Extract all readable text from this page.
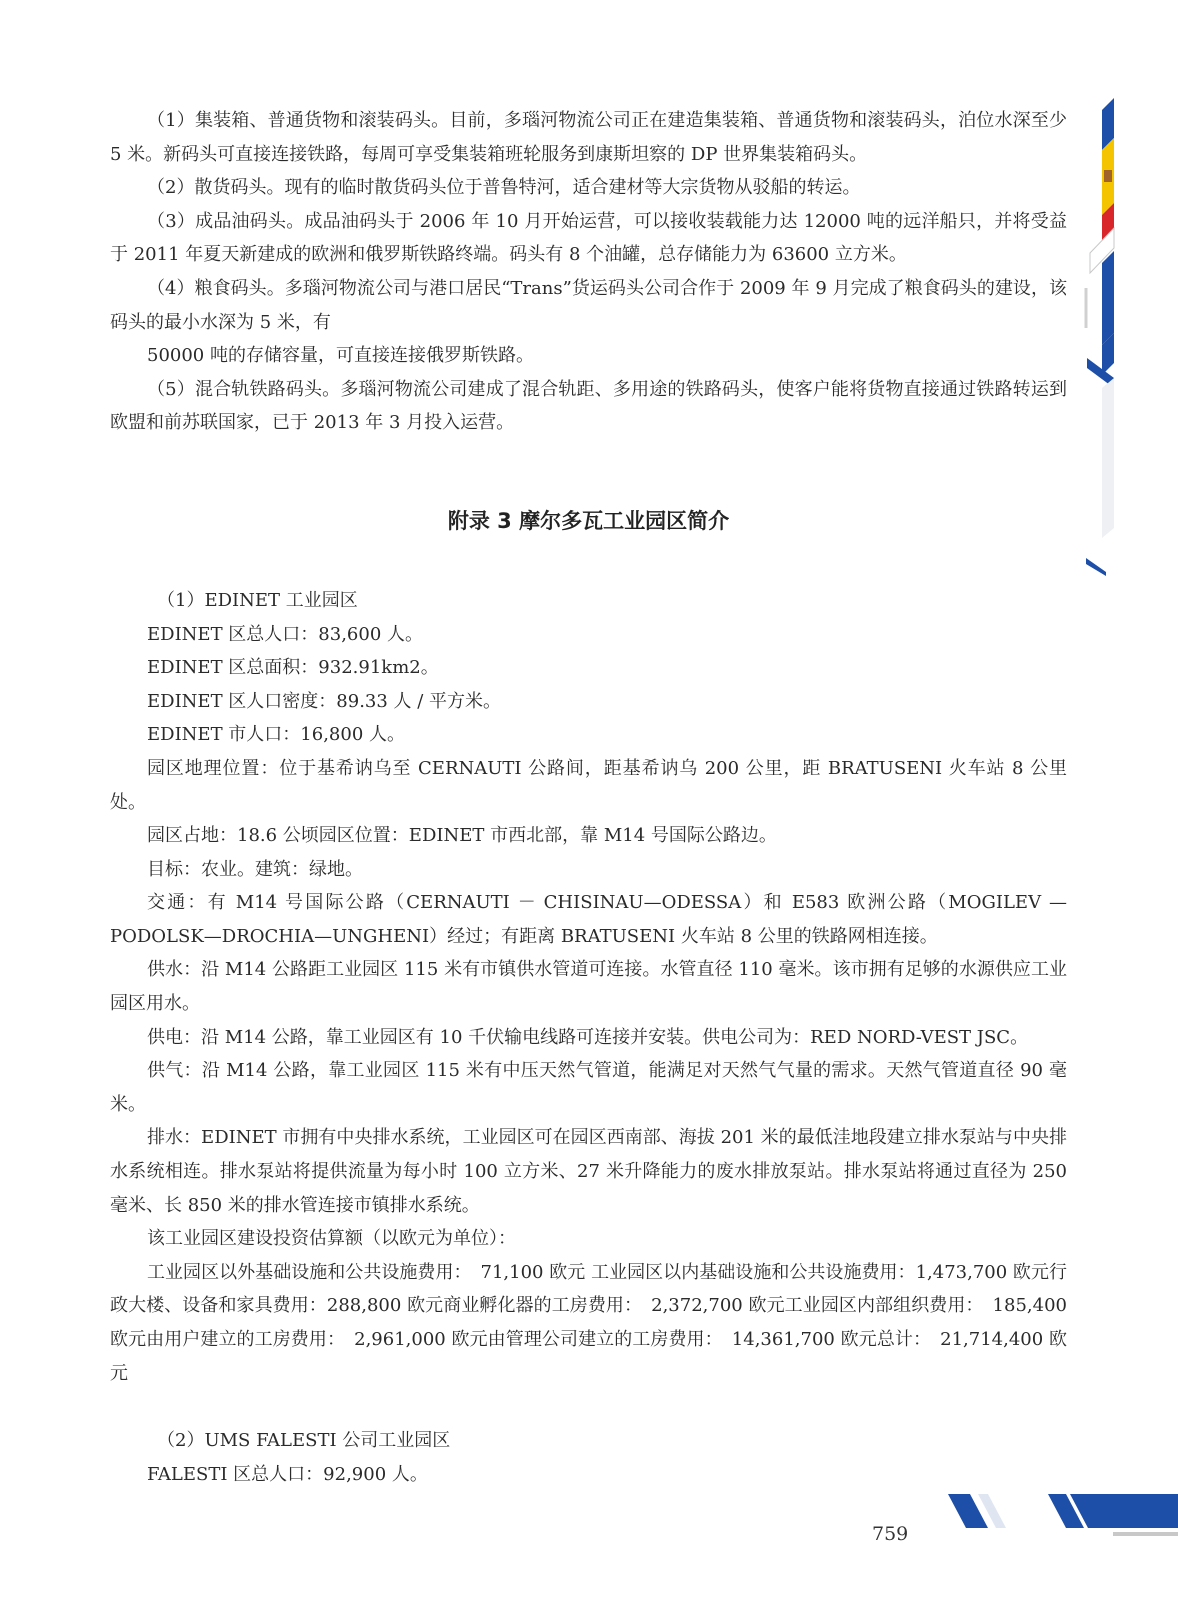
（1）集装箱、普通货物和滚装码头。目前，多瑙河物流公司正在建造集装箱、普通货物和滚装码头，泊位水深至少 5 米。新码头可直接连接铁路，每周可享受集装箱班轮服务到康斯坦察的 DP 世界集装箱码头。

（2）散货码头。现有的临时散货码头位于普鲁特河，适合建材等大宗货物从驳船的转运。

（3）成品油码头。成品油码头于 2006 年 10 月开始运营，可以接收装载能力达 12000 吨的远洋船只，并将受益于 2011 年夏天新建成的欧洲和俄罗斯铁路终端。码头有 8 个油罐，总存储能力为 63600 立方米。

（4）粮食码头。多瑙河物流公司与港口居民“Trans”货运码头公司合作于 2009 年 9 月完成了粮食码头的建设，该码头的最小水深为 5 米，有

50000 吨的存储容量，可直接连接俄罗斯铁路。

（5）混合轨铁路码头。多瑙河物流公司建成了混合轨距、多用途的铁路码头，使客户能将货物直接通过铁路转运到欧盟和前苏联国家，已于 2013 年 3 月投入运营。

附录 3 摩尔多瓦工业园区简介

（1）EDINET 工业园区

EDINET 区总人口：83,600 人。

EDINET 区总面积：932.91km2。

EDINET 区人口密度：89.33 人 / 平方米。

EDINET 市人口：16,800 人。

园区地理位置：位于基希讷乌至 CERNAUTI 公路间，距基希讷乌 200 公里，距 BRATUSENI 火车站 8 公里处。

园区占地：18.6 公顷园区位置：EDINET 市西北部，靠 M14 号国际公路边。

目标：农业。建筑：绿地。

交通：有 M14 号国际公路（CERNAUTI － CHISINAU—ODESSA）和 E583 欧洲公路（MOGILEV — PODOLSK—DROCHIA—UNGHENI）经过；有距离 BRATUSENI 火车站 8 公里的铁路网相连接。

供水：沿 M14 公路距工业园区 115 米有市镇供水管道可连接。水管直径 110 毫米。该市拥有足够的水源供应工业园区用水。

供电：沿 M14 公路，靠工业园区有 10 千伏输电线路可连接并安装。供电公司为：RED NORD-VEST JSC。

供气：沿 M14 公路，靠工业园区 115 米有中压天然气管道，能满足对天然气气量的需求。天然气管道直径 90 毫米。

排水：EDINET 市拥有中央排水系统，工业园区可在园区西南部、海拔 201 米的最低洼地段建立排水泵站与中央排水系统相连。排水泵站将提供流量为每小时 100 立方米、27 米升降能力的废水排放泵站。排水泵站将通过直径为 250 毫米、长 850 米的排水管连接市镇排水系统。

该工业园区建设投资估算额（以欧元为单位）：

工业园区以外基础设施和公共设施费用：　71,100 欧元 工业园区以内基础设施和公共设施费用：1,473,700 欧元行政大楼、设备和家具费用：288,800 欧元商业孵化器的工房费用：　2,372,700 欧元工业园区内部组织费用：　185,400 欧元由用户建立的工房费用：　2,961,000 欧元由管理公司建立的工房费用：　14,361,700 欧元总计：　21,714,400 欧元

（2）UMS FALESTI 公司工业园区

FALESTI 区总人口：92,900 人。

759
